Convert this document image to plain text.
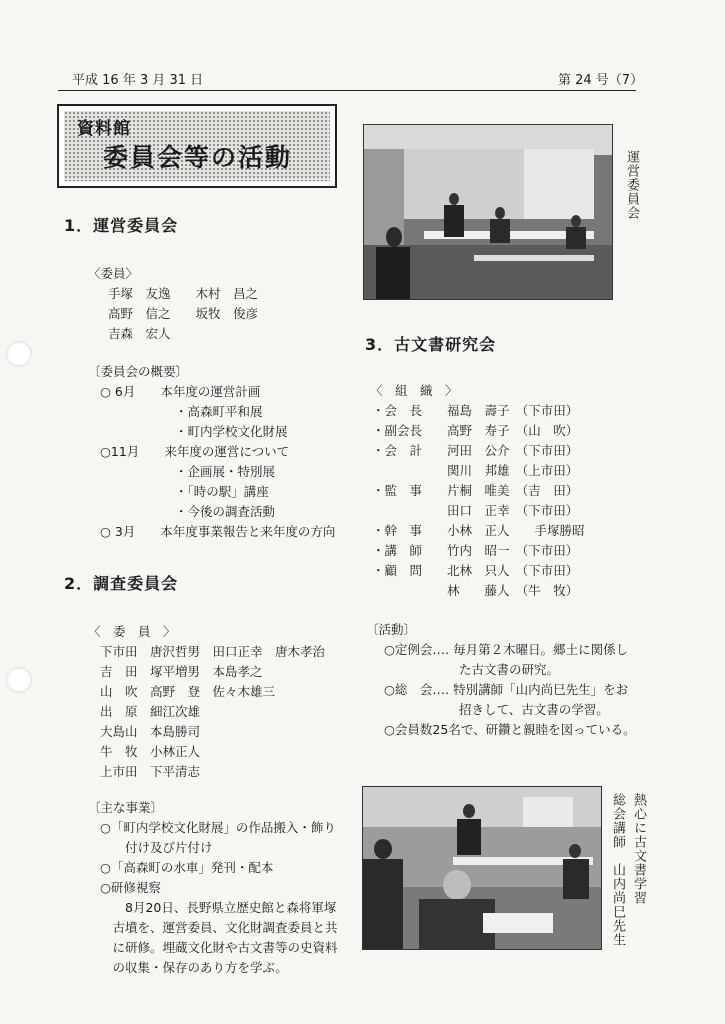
平成 16 年 3 月 31 日	第 24 号（7）
資料館
委員会等の活動
1．運営委員会
〈委員〉
手塚　友逸　　木村　昌之
高野　信之　　坂牧　俊彦
吉森　宏人
〔委員会の概要〕
○ 6月　　本年度の運営計画
　　　　　　・高森町平和展
　　　　　　・町内学校文化財展
○11月　　来年度の運営について
　　　　　　・企画展・特別展
　　　　　　・「時の駅」講座
　　　　　　・今後の調査活動
○ 3月　　本年度事業報告と来年度の方向
2．調査委員会
〈　委　員　〉
下市田　唐沢哲男　田口正幸　唐木孝治
吉　田　塚平増男　本島孝之
山　吹　高野　登　佐々木雄三
出　原　細江次雄
大島山　本島勝司
牛　牧　小林正人
上市田　下平清志
〔主な事業〕
○「町内学校文化財展」の作品搬入・飾り
　　付け及び片付け
○「高森町の水車」発刊・配本
○研修視察
　　8月20日、長野県立歴史館と森将軍塚
　古墳を、運営委員、文化財調査委員と共
　に研修。埋蔵文化財や古文書等の史資料
　の収集・保存のあり方を学ぶ。
運営委員会
3．古文書研究会
〈　組　織　〉
・会　長　　福島　壽子　（下市田）
・副会長　　高野　寿子　（山　吹）
・会　計　　河田　公介　（下市田）
　　　　　　関川　邦雄　（上市田）
・監　事　　片桐　唯美　（吉　田）
　　　　　　田口　正幸　（下市田）
・幹　事　　小林　正人　　手塚勝昭
・講　師　　竹内　昭一　（下市田）
・顧　問　　北林　只人　（下市田）
　　　　　　林　　藤人　（牛　牧）
〔活動〕
○定例会‥‥ 毎月第２木曜日。郷土に関係し
　　　　　　た古文書の研究。
○総　会‥‥ 特別講師「山内尚巳先生」をお
　　　　　　招きして、古文書の学習。
○会員数25名で、研鑽と親睦を図っている。
熱心に古文書学習
総会講師　山内尚巳先生
